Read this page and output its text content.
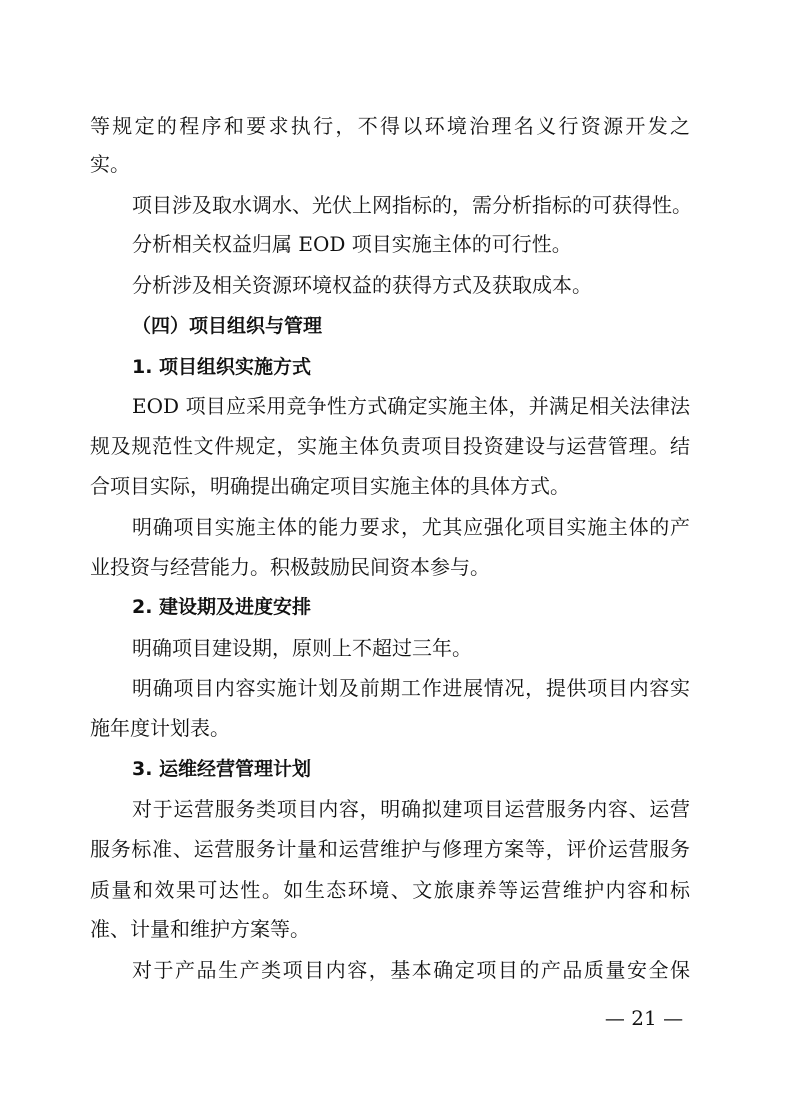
等规定的程序和要求执行，不得以环境治理名义行资源开发之
实。
项目涉及取水调水、光伏上网指标的，需分析指标的可获得性。
分析相关权益归属 EOD 项目实施主体的可行性。
分析涉及相关资源环境权益的获得方式及获取成本。
（四）项目组织与管理
1. 项目组织实施方式
EOD 项目应采用竞争性方式确定实施主体，并满足相关法律法
规及规范性文件规定，实施主体负责项目投资建设与运营管理。结
合项目实际，明确提出确定项目实施主体的具体方式。
明确项目实施主体的能力要求，尤其应强化项目实施主体的产
业投资与经营能力。积极鼓励民间资本参与。
2. 建设期及进度安排
明确项目建设期，原则上不超过三年。
明确项目内容实施计划及前期工作进展情况，提供项目内容实
施年度计划表。
3. 运维经营管理计划
对于运营服务类项目内容，明确拟建项目运营服务内容、运营
服务标准、运营服务计量和运营维护与修理方案等，评价运营服务
质量和效果可达性。如生态环境、文旅康养等运营维护内容和标
准、计量和维护方案等。
对于产品生产类项目内容，基本确定项目的产品质量安全保
— 21 —
